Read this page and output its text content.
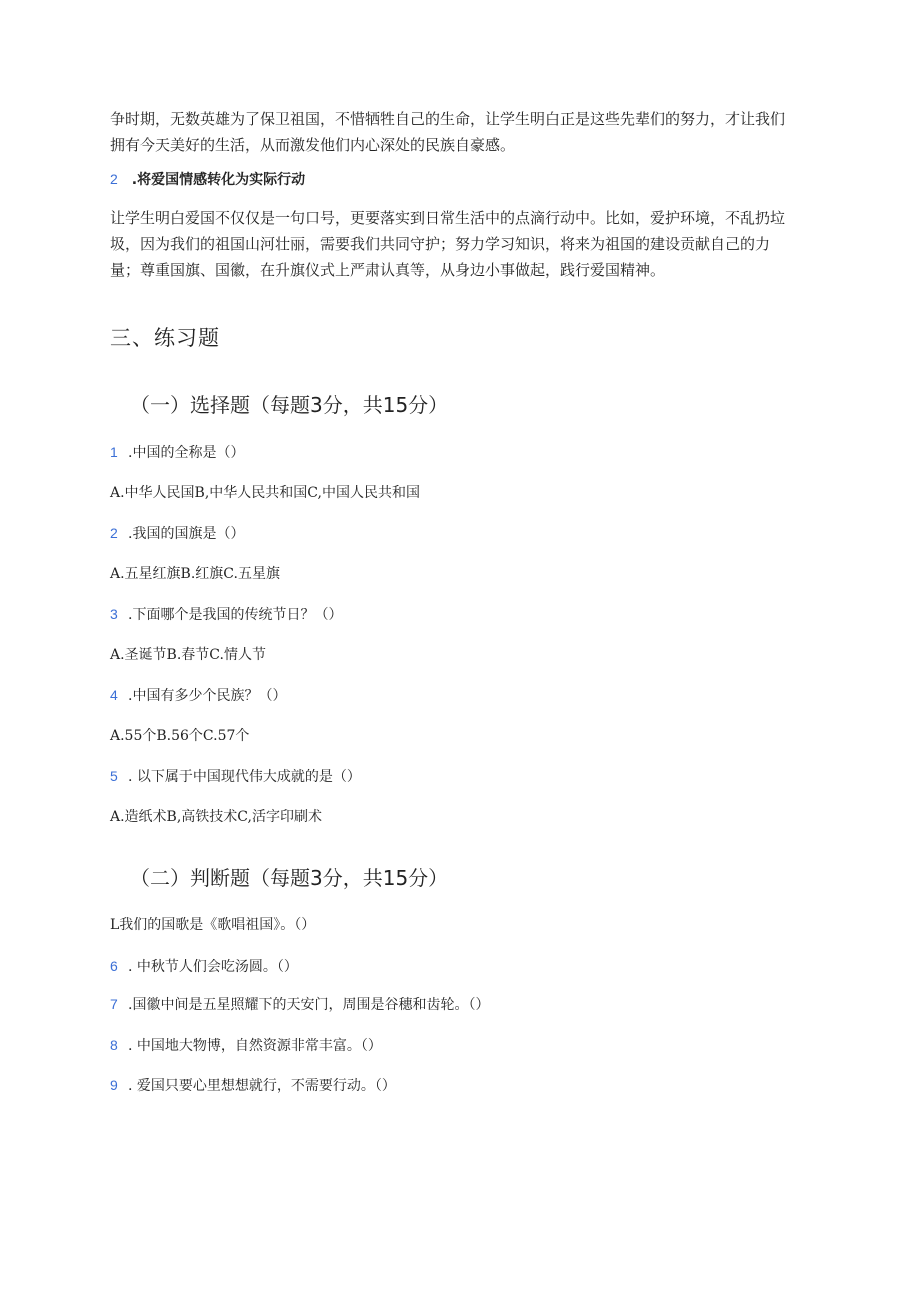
争时期，无数英雄为了保卫祖国，不惜牺牲自己的生命，让学生明白正是这些先辈们的努力，才让我们
拥有今天美好的生活，从而激发他们内心深处的民族自豪感。

2 .将爱国情感转化为实际行动

让学生明白爱国不仅仅是一句口号，更要落实到日常生活中的点滴行动中。比如，爱护环境，不乱扔垃
圾，因为我们的祖国山河壮丽，需要我们共同守护；努力学习知识，将来为祖国的建设贡献自己的力
量；尊重国旗、国徽，在升旗仪式上严肃认真等，从身边小事做起，践行爱国精神。

三、练习题
（一）选择题（每题3分，共15分）
1 .中国的全称是（）
A.中华人民国B,中华人民共和国C,中国人民共和国
2 .我国的国旗是（）
A.五星红旗B.红旗C.五星旗
3 .下面哪个是我国的传统节日？（）
A.圣诞节B.春节C.情人节
4 .中国有多少个民族？（）
A.55个B.56个C.57个
5 . 以下属于中国现代伟大成就的是（）
A.造纸术B,高铁技术C,活字印刷术
（二）判断题（每题3分，共15分）
L我们的国歌是《歌唱祖国》。（）
6 . 中秋节人们会吃汤圆。（）
7 .国徽中间是五星照耀下的天安门，周围是谷穗和齿轮。（）
8 . 中国地大物博，自然资源非常丰富。（）
9 . 爱国只要心里想想就行，不需要行动。（）
